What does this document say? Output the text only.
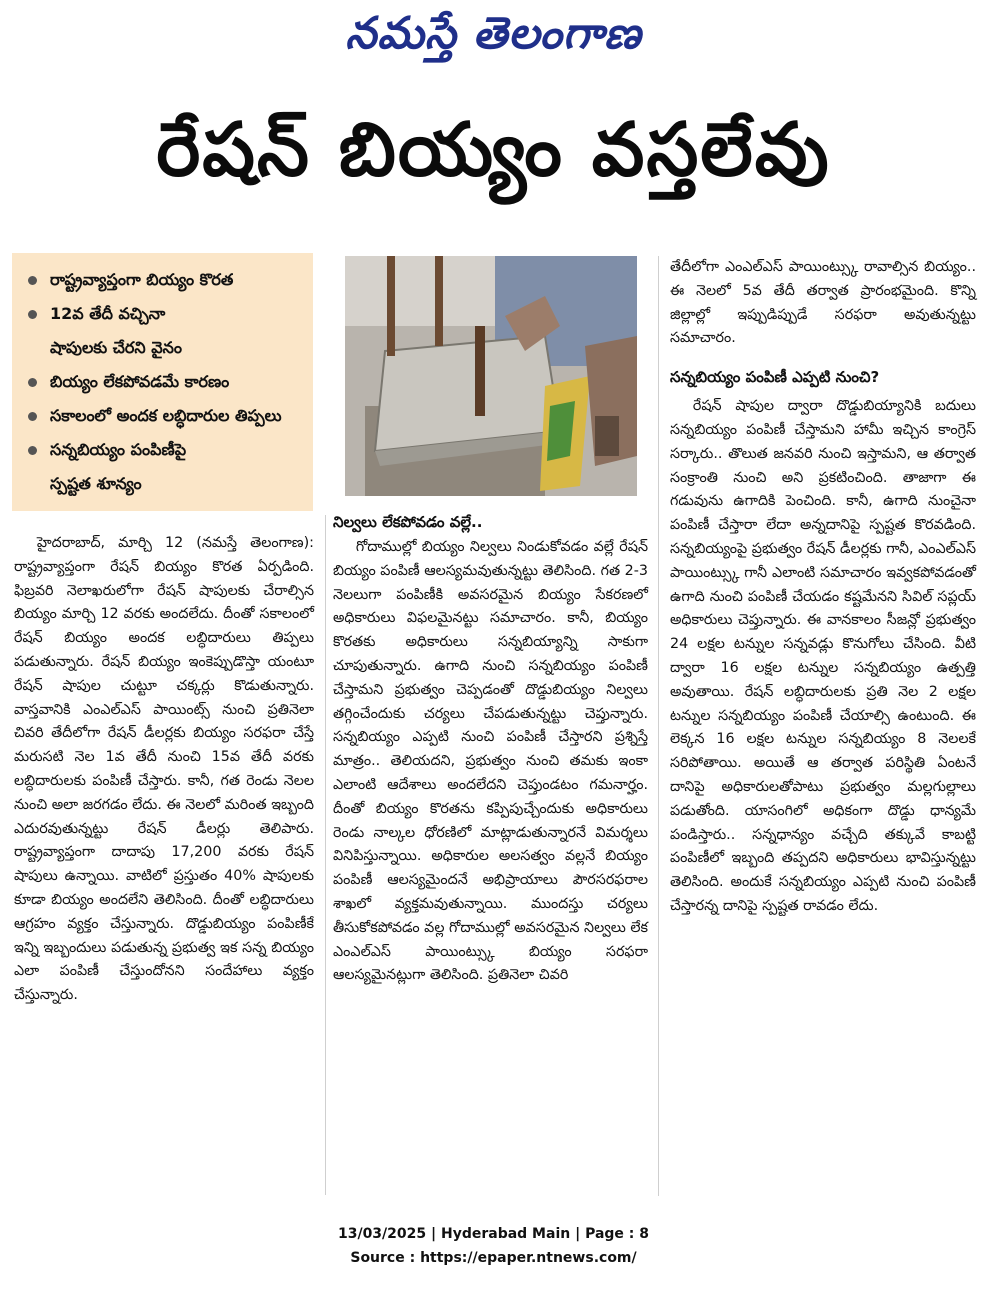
నమస్తే తెలంగాణ
రేషన్ బియ్యం వస్తలేవు
రాష్ట్రవ్యాప్తంగా బియ్యం కొరత
12వ తేదీ వచ్చినా
షాపులకు చేరని వైనం
బియ్యం లేకపోవడమే కారణం
సకాలంలో అందక లబ్ధిదారుల తిప్పలు
సన్నబియ్యం పంపిణీపై
స్పష్టత శూన్యం

హైదరాబాద్, మార్చి 12 (నమస్తే తెలంగాణ): రాష్ట్రవ్యాప్తంగా రేషన్ బియ్యం కొరత ఏర్పడింది. ఫిబ్రవరి నెలాఖరులోగా రేషన్ షాపులకు చేరాల్సిన బియ్యం మార్చి 12 వరకు అందలేదు. దీంతో సకాలంలో రేషన్ బియ్యం అందక లబ్ధిదారులు తిప్పలు పడుతున్నారు. రేషన్ బియ్యం ఇంకెప్పుడొస్తా యంటూ రేషన్ షాపుల చుట్టూ చక్కర్లు కొడుతున్నారు. వాస్తవానికి ఎంఎల్ఎస్ పాయింట్స్ నుంచి ప్రతినెలా చివరి తేదీలోగా రేషన్ డీలర్లకు బియ్యం సరఫరా చేస్తే మరుసటి నెల 1వ తేదీ నుంచి 15వ తేదీ వరకు లబ్ధిదారులకు పంపిణీ చేస్తారు. కానీ, గత రెండు నెలల నుంచి అలా జరగడం లేదు. ఈ నెలలో మరింత ఇబ్బంది ఎదురవుతున్నట్టు రేషన్ డీలర్లు తెలిపారు. రాష్ట్రవ్యాప్తంగా దాదాపు 17,200 వరకు రేషన్ షాపులు ఉన్నాయి. వాటిలో ప్రస్తుతం 40% షాపులకు కూడా బియ్యం అందలేని తెలిసింది. దీంతో లబ్ధిదారులు ఆగ్రహం వ్యక్తం చేస్తున్నారు. దొడ్డుబియ్యం పంపిణీకే ఇన్ని ఇబ్బందులు పడుతున్న ప్రభుత్వ ఇక సన్న బియ్యం ఎలా పంపిణీ చేస్తుందోనని సందేహాలు వ్యక్తం చేస్తున్నారు.

నిల్వలు లేకపోవడం వల్లే..

గోదాముల్లో బియ్యం నిల్వలు నిండుకోవడం వల్లే రేషన్ బియ్యం పంపిణీ ఆలస్యమవుతున్నట్టు తెలిసింది. గత 2-3 నెలలుగా పంపిణీకి అవసరమైన బియ్యం సేకరణలో అధికారులు విఫలమైనట్టు సమాచారం. కానీ, బియ్యం కొరతకు అధికారులు సన్నబియ్యాన్ని సాకుగా చూపుతున్నారు. ఉగాది నుంచి సన్నబియ్యం పంపిణీ చేస్తామని ప్రభుత్వం చెప్పడంతో దొడ్డుబియ్యం నిల్వలు తగ్గించేందుకు చర్యలు చేపడుతున్నట్టు చెప్తున్నారు. సన్నబియ్యం ఎప్పటి నుంచి పంపిణీ చేస్తారని ప్రశ్నిస్తే మాత్రం.. తెలియదని, ప్రభుత్వం నుంచి తమకు ఇంకా ఎలాంటి ఆదేశాలు అందలేదని చెప్తుండటం గమనార్హం. దీంతో బియ్యం కొరతను కప్పిపుచ్చేందుకు అధికారులు రెండు నాల్కల ధోరణిలో మాట్లాడుతున్నారనే విమర్శలు వినిపిస్తున్నాయి. అధికారుల అలసత్వం వల్లనే బియ్యం పంపిణీ ఆలస్యమైందనే అభిప్రాయాలు పౌరసరఫరాల శాఖలో వ్యక్తమవుతున్నాయి. ముందస్తు చర్యలు తీసుకోకపోవడం వల్ల గోదాముల్లో అవసరమైన నిల్వలు లేక ఎంఎల్ఎస్ పాయింట్స్కు బియ్యం సరఫరా ఆలస్యమైనట్లుగా తెలిసింది. ప్రతినెలా చివరి

తేదీలోగా ఎంఎల్ఎస్ పాయింట్స్కు రావాల్సిన బియ్యం.. ఈ నెలలో 5వ తేదీ తర్వాత ప్రారంభమైంది. కొన్ని జిల్లాల్లో ఇప్పుడిప్పుడే సరఫరా అవుతున్నట్టు సమాచారం.

సన్నబియ్యం పంపిణీ ఎప్పటి నుంచి?

రేషన్ షాపుల ద్వారా దొడ్డుబియ్యానికి బదులు సన్నబియ్యం పంపిణీ చేస్తామని హామీ ఇచ్చిన కాంగ్రెస్ సర్కారు.. తొలుత జనవరి నుంచి ఇస్తామని, ఆ తర్వాత సంక్రాంతి నుంచి అని ప్రకటించింది. తాజాగా ఈ గడువును ఉగాదికి పెంచింది. కానీ, ఉగాది నుంచైనా పంపిణీ చేస్తారా లేదా అన్నదానిపై స్పష్టత కొరవడింది. సన్నబియ్యంపై ప్రభుత్వం రేషన్ డీలర్లకు గానీ, ఎంఎల్ఎస్ పాయింట్స్కు గానీ ఎలాంటి సమాచారం ఇవ్వకపోవడంతో ఉగాది నుంచి పంపిణీ చేయడం కష్టమేనని సివిల్ సప్లయ్ అధికారులు చెప్తున్నారు. ఈ వానకాలం సీజన్లో ప్రభుత్వం 24 లక్షల టన్నుల సన్నవడ్లు కొనుగోలు చేసింది. వీటి ద్వారా 16 లక్షల టన్నుల సన్నబియ్యం ఉత్పత్తి అవుతాయి. రేషన్ లబ్ధిదారులకు ప్రతి నెల 2 లక్షల టన్నుల సన్నబియ్యం పంపిణీ చేయాల్సి ఉంటుంది. ఈ లెక్కన 16 లక్షల టన్నుల సన్నబియ్యం 8 నెలలకే సరిపోతాయి. అయితే ఆ తర్వాత పరిస్థితి ఏంటనే దానిపై అధికారులతోపాటు ప్రభుత్వం మల్లగుల్లాలు పడుతోంది. యాసంగిలో అధికంగా దొడ్డు ధాన్యమే పండిస్తారు.. సన్నధాన్యం వచ్చేది తక్కువే కాబట్టి పంపిణీలో ఇబ్బంది తప్పదని అధికారులు భావిస్తున్నట్టు తెలిసింది. అందుకే సన్నబియ్యం ఎప్పటి నుంచి పంపిణీ చేస్తారన్న దానిపై స్పష్టత రావడం లేదు.

13/03/2025 | Hyderabad Main | Page : 8
Source : https://epaper.ntnews.com/
